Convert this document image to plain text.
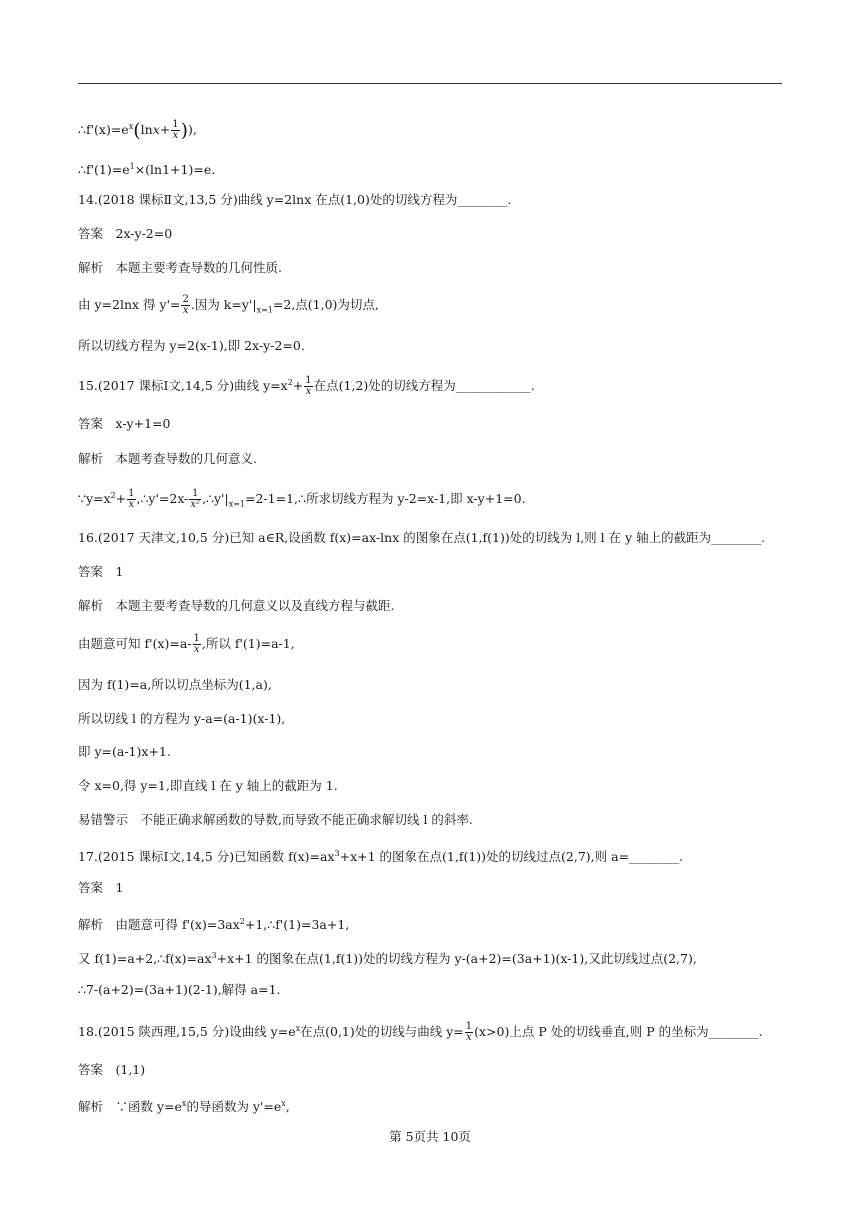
$\therefore f'(x)=e^x(\ln x+ \frac{1}{x}$ )),
$\therefore f'(1)=e^1\times(\ln 1+1)=e$.
14.(2018 课标Ⅱ文,13,5 分)曲线 y=2lnx 在点(1,0)处的切线方程为________.
答案　2x-y-2=0
解析　本题主要考查导数的几何性质.
由 y=2lnx 得 $y'= \frac{2}{x}$ .因为 $k=y'|_{x=1}=2$,点(1,0)为切点,
所以切线方程为 y=2(x-1),即 2x-y-2=0.
15.(2017 课标Ⅰ文,14,5 分)曲线 $y=x^2+ \frac{1}{x}$ 在点(1,2)处的切线方程为____________.
答案　x-y+1=0
解析　本题考查导数的几何意义.
$\because y=x^2+ \frac{1}{x}$ ,∴y'=2x- $\frac{1}{\text{x²}}$ $,\therefore y'|_{x=1}=2-1=1,\therefore$所求切线方程为 y-2=x-1,即 x-y+1=0.
16.(2017 天津文,10,5 分)已知 a∈R,设函数 f(x)=ax-lnx 的图象在点(1,f(1))处的切线为 l,则 l 在 y 轴上的截距为________.
答案　1
解析　本题主要考查导数的几何意义以及直线方程与截距.
由题意可知 $f'(x)=a- \frac{1}{x}$ ,所以 f'(1)=a-1,
因为 f(1)=a,所以切点坐标为(1,a),
所以切线 l 的方程为 y-a=(a-1)(x-1),
即 y=(a-1)x+1.
令 x=0,得 y=1,即直线 l 在 y 轴上的截距为 1.
易错警示　不能正确求解函数的导数,而导致不能正确求解切线 l 的斜率.
17.(2015 课标Ⅰ文,14,5 分)已知函数 $f(x)=ax^3+x+1$ 的图象在点(1,f(1))处的切线过点(2,7),则 a=________.
答案　1
解析　由题意可得 $f'(x)=3ax^2+1,\therefore f'(1)=3a+1$,
又 $f(1)=a+2,\therefore f(x)=ax^3+x+1$ 的图象在点(1,f(1))处的切线方程为 y-(a+2)=(3a+1)(x-1),又此切线过点(2,7),
∴7-(a+2)=(3a+1)(2-1),解得 a=1.
18.(2015 陕西理,15,5 分)设曲线 $y=e^x$在点(0,1)处的切线与曲线 $y= \frac{1}{x} (x>0)$上点 P 处的切线垂直,则 P 的坐标为________.
答案　(1,1)
解析　∵函数 $y=e^x$的导函数为 $y'=e^x$,
第 5页共 10页
